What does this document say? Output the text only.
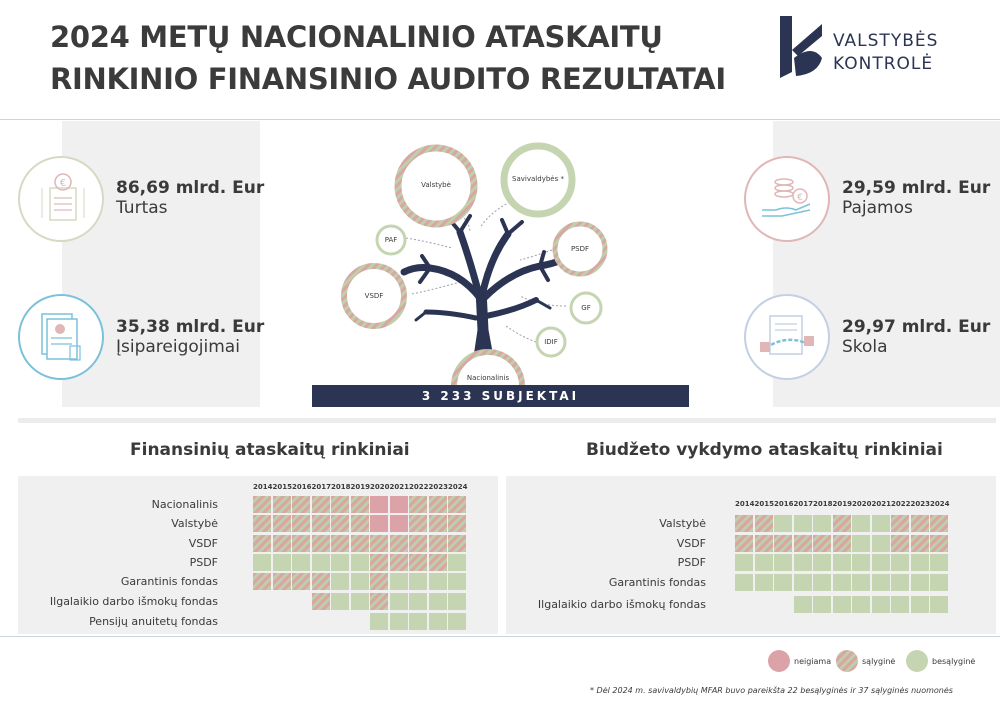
2024 METŲ NACIONALINIO ATASKAITŲ
RINKINIO FINANSINIO AUDITO REZULTATAI
VALSTYBĖS
KONTROLĖ
€	86,69 mlrd. Eur
Turtas
35,38 mlrd. Eur
Įsipareigojimai
€ 29,59 mlrd. Eur
Pajamos
29,97 mlrd. Eur
Skola
Valstybė
Savivaldybės *
PAF
VSDF
PSDF
GF
IDIF
Nacionalinis
3 233 SUBJEKTAI
Finansinių ataskaitų rinkiniai	Biudžeto vykdymo ataskaitų rinkiniai
2014 2015 2016 2017 2018 2019 2020 2021 2022 2023 2024
Nacionalinis
Valstybė
VSDF
PSDF
Garantinis fondas
Ilgalaikio darbo išmokų fondas
Pensijų anuitetų fondas
2014 2015 2016 2017 2018 2019 2020 2021 2022 2023 2024
Valstybė
VSDF
PSDF
Garantinis fondas
Ilgalaikio darbo išmokų fondas
neigiama	sąlyginė	besąlyginė
* Dėl 2024 m. savivaldybių MFAR buvo pareikšta 22 besąlyginės ir 37 sąlyginės nuomonės
